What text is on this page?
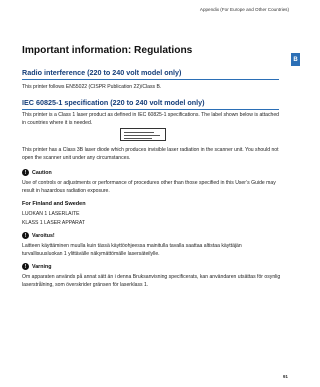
Appendix (For Europe and Other Countries)
B
Important information: Regulations
Radio interference (220 to 240 volt model only)

This printer follows EN55022 (CISPR Publication 22)/Class B.

IEC 60825-1 specification (220 to 240 volt model only)

This printer is a Class 1 laser product as defined in IEC 60825-1 specifications. The label shown below is attached in countries where it is needed.

This printer has a Class 3B laser diode which produces invisible laser radiation in the scanner unit. You should not open the scanner unit under any circumstances.

!	Caution

Use of controls or adjustments or performance of procedures other than those specified in this User’s Guide may result in hazardous radiation exposure.

For Finland and Sweden

LUOKAN 1 LASERLAITE

KLASS 1 LASER APPARAT

!	Varoitus!

Laitteen käyttäminen muulla kuin tässä käyttöohjeessa mainitulla tavalla saattaa altistaa käyttäjän turvallisuusluokan 1 ylittävälle näkymättömälle lasersäteilylle.

!	Varning

Om apparaten används på annat sätt än i denna Bruksanvisning specificerats, kan användaren utsättas för osynlig laserstrålning, som överskrider gränsen för laserklass 1.

91
